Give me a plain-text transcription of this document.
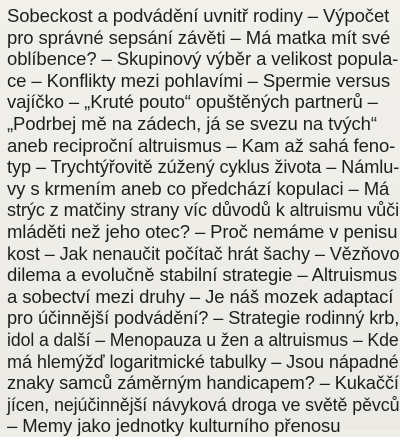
Sobeckost a podvádění uvnitř rodiny – Výpočet
pro správné sepsání závěti – Má matka mít své
oblíbence? – Skupinový výběr a velikost popula-
ce – Konflikty mezi pohlavími – Spermie versus
vajíčko – „Kruté pouto“ opuštěných partnerů –
„Podrbej mě na zádech, já se svezu na tvých“
aneb reciproční altruismus – Kam až sahá feno-
typ – Trychtýřovitě zúžený cyklus života – Námlu-
vy s krmením aneb co předchází kopulaci – Má
strýc z matčiny strany víc důvodů k altruismu vůči
mláděti než jeho otec? – Proč nemáme v penisu
kost – Jak nenaučit počítač hrát šachy – Vězňovo
dilema a evolučně stabilní strategie – Altruismus
a sobectví mezi druhy – Je náš mozek adaptací
pro účinnější podvádění? – Strategie rodinný krb,
idol a další – Menopauza u žen a altruismus – Kde
má hlemýžď logaritmické tabulky – Jsou nápadné
znaky samců záměrným handicapem? – Kukaččí
jícen, nejúčinnější návyková droga ve světě pěvců
– Memy jako jednotky kulturního přenosu
